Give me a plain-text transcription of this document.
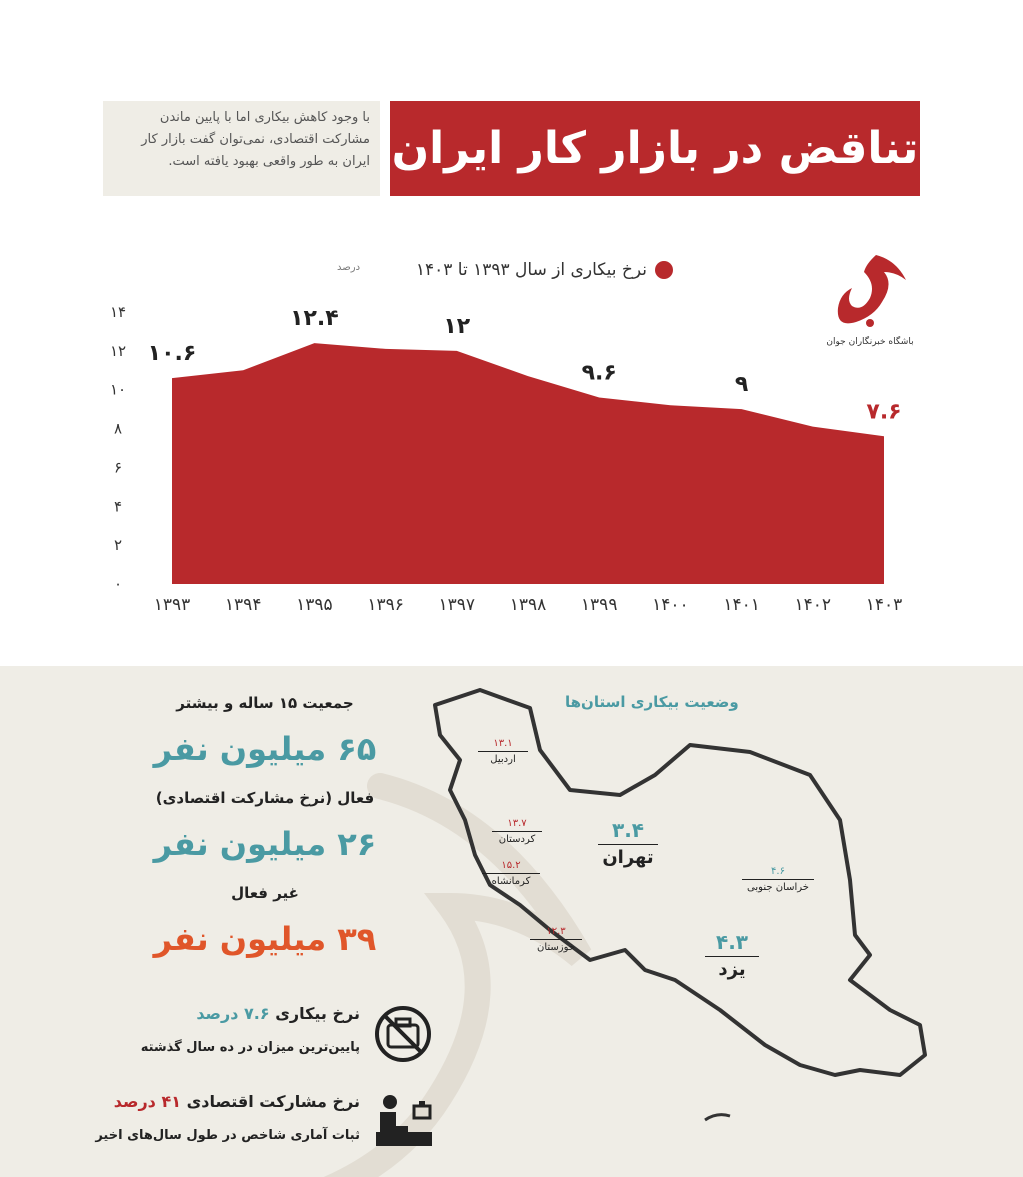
با وجود کاهش بیکاری اما با پایین ماندن مشارکت اقتصادی، نمی‌توان گفت بازار کار ایران به طور واقعی بهبود یافته است. تناقض در بازار کار ایران
نرخ بیکاری از سال ۱۳۹۳ تا ۱۴۰۳
درصد
باشگاه خبرنگاران جوان
۰
۲
۴
۶
۸
۱۰
۱۲
۱۴
۱۳۹۳ ۱۳۹۴ ۱۳۹۵ ۱۳۹۶ ۱۳۹۷ ۱۳۹۸ ۱۳۹۹ ۱۴۰۰ ۱۴۰۱ ۱۴۰۲ ۱۴۰۳
۱۰.۶
۱۲.۴	۱۲
۹.۶	۹
۷.۶
جمعیت ۱۵ ساله و بیشتر
۶۵ میلیون نفر
فعال (نرخ مشارکت اقتصادی)
۲۶ میلیون نفر
غیر فعال
۳۹ میلیون نفر
نرخ بیکاری ۷.۶ درصد
پایین‌ترین میزان در ده سال گذشته
نرخ مشارکت اقتصادی ۴۱ درصد
ثبات آماری شاخص در طول سال‌های اخیر
وضعیت بیکاری استان‌ها
۱۳.۱
اردبیل
۱۳.۷
کردستان
۱۵.۲
کرمانشاه
۱۲.۳
خوزستان
۳.۴
تهران
۴.۶
خراسان جنوبی
۴.۳
یزد
